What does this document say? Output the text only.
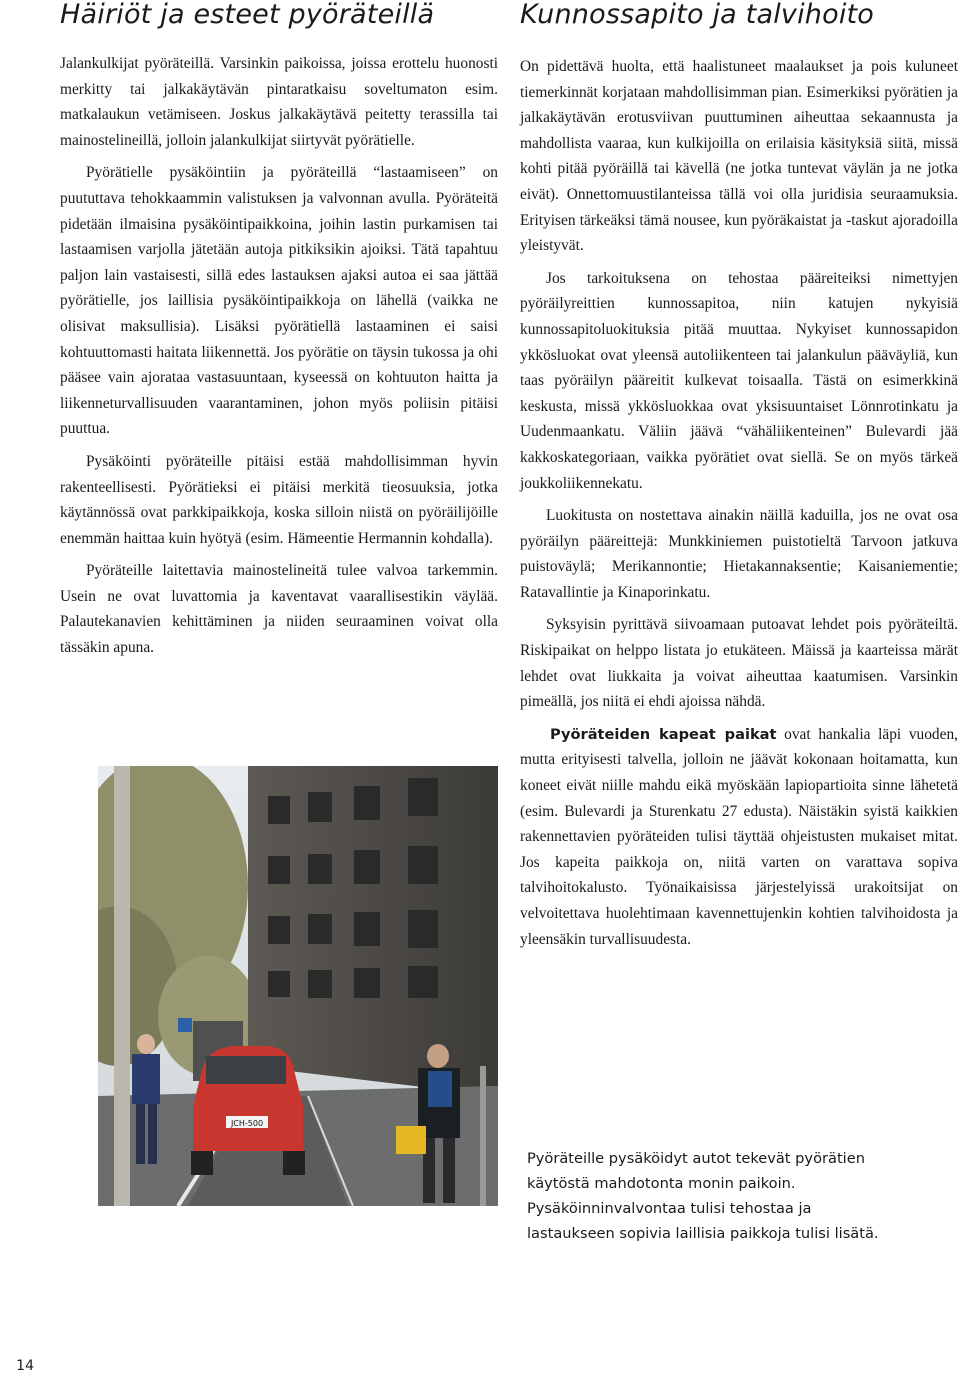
Häiriöt ja esteet pyöräteillä

Jalankulkijat pyöräteillä. Varsinkin paikoissa, joissa erottelu huonosti merkitty tai jalkakäytävän pintaratkaisu soveltumaton esim. matkalaukun vetämiseen. Joskus jalkakäytävä peitetty terassilla tai mainostelineillä, jolloin jalankulkijat siirtyvät pyörätielle.

Pyörätielle pysäköintiin ja pyöräteillä “lastaamiseen” on puututtava tehokkaammin valistuksen ja valvonnan avulla. Pyöräteitä pidetään ilmaisina pysäköintipaikkoina, joihin lastin purkamisen tai lastaamisen varjolla jätetään autoja pitkiksikin ajoiksi. Tätä tapahtuu paljon lain vastaisesti, sillä edes lastauksen ajaksi autoa ei saa jättää pyörätielle, jos laillisia pysäköintipaikkoja on lähellä (vaikka ne olisivat maksullisia). Lisäksi pyörätiellä lastaaminen ei saisi kohtuuttomasti haitata liikennettä. Jos pyörätie on täysin tukossa ja ohi pääsee vain ajorataa vastasuuntaan, kyseessä on kohtuuton haitta ja liikenneturvallisuuden vaarantaminen, johon myös poliisin pitäisi puuttua.

Pysäköinti pyöräteille pitäisi estää mahdollisimman hyvin rakenteellisesti. Pyörätieksi ei pitäisi merkitä tieosuuksia, jotka käytännössä ovat parkkipaikkoja, koska silloin niistä on pyöräilijöille enemmän haittaa kuin hyötyä (esim. Hämeentie Hermannin kohdalla).

Pyöräteille laitettavia mainostelineitä tulee valvoa tarkemmin. Usein ne ovat luvattomia ja kaventavat vaarallisestikin väylää. Palautekanavien kehittäminen ja niiden seuraaminen voivat olla tässäkin apuna.

Kunnossapito ja talvihoito

On pidettävä huolta, että haalistuneet maalaukset ja pois kuluneet tiemerkinnät korjataan mahdollisimman pian. Esimerkiksi pyörätien ja jalkakäytävän erotusviivan puuttuminen aiheuttaa sekaannusta ja mahdollista vaaraa, kun kulkijoilla on erilaisia käsityksiä siitä, missä kohti pitää pyöräillä tai kävellä (ne jotka tuntevat väylän ja ne jotka eivät). Onnettomuustilanteissa tällä voi olla juridisia seuraamuksia. Erityisen tärkeäksi tämä nousee, kun pyöräkaistat ja -taskut ajoradoilla yleistyvät.

Jos tarkoituksena on tehostaa pääreiteiksi nimettyjen pyöräilyreittien kunnossapitoa, niin katujen nykyisiä kunnossapitoluokituksia pitää muuttaa. Nykyiset kunnossapidon ykkösluokat ovat yleensä autoliikenteen tai jalankulun pääväyliä, kun taas pyöräilyn pääreitit kulkevat toisaalla. Tästä on esimerkkinä keskusta, missä ykkösluokkaa ovat yksisuuntaiset Lönnrotinkatu ja Uudenmaankatu. Väliin jäävä “vähäliikenteinen” Bulevardi jää kakkoskategoriaan, vaikka pyörätiet ovat siellä. Se on myös tärkeä joukkoliikennekatu.

Luokitusta on nostettava ainakin näillä kaduilla, jos ne ovat osa pyöräilyn pääreittejä: Munkkiniemen puistotieltä Tarvoon jatkuva puistoväylä; Merikannontie; Hietakannaksentie; Kaisaniementie; Ratavallintie ja Kinaporinkatu.

Syksyisin pyrittävä siivoamaan putoavat lehdet pois pyöräteiltä. Riskipaikat on helppo listata jo etukäteen. Mäissä ja kaarteissa märät lehdet ovat liukkaita ja voivat aiheuttaa kaatumisen. Varsinkin pimeällä, jos niitä ei ehdi ajoissa nähdä.

Pyöräteiden kapeat paikat ovat hankalia läpi vuoden, mutta erityisesti talvella, jolloin ne jäävät kokonaan hoitamatta, kun koneet eivät niille mahdu eikä myöskään lapiopartioita sinne lähetetä (esim. Bulevardi ja Sturenkatu 27 edusta). Näistäkin syistä kaikkien rakennettavien pyöräteiden tulisi täyttää ohjeistusten mukaiset mitat. Jos kapeita paikkoja on, niitä varten on varattava sopiva talvihoitokalusto. Työnaikaisissa järjestelyissä urakoitsijat on velvoitettava huolehtimaan kavennettujenkin kohtien talvihoidosta ja yleensäkin turvallisuudesta.

JCH-500

Pyöräteille pysäköidyt autot tekevät pyörätien käytöstä mahdotonta monin paikoin. Pysäköinninvalvontaa tulisi tehostaa ja lastaukseen sopivia laillisia paikkoja tulisi lisätä.

14
